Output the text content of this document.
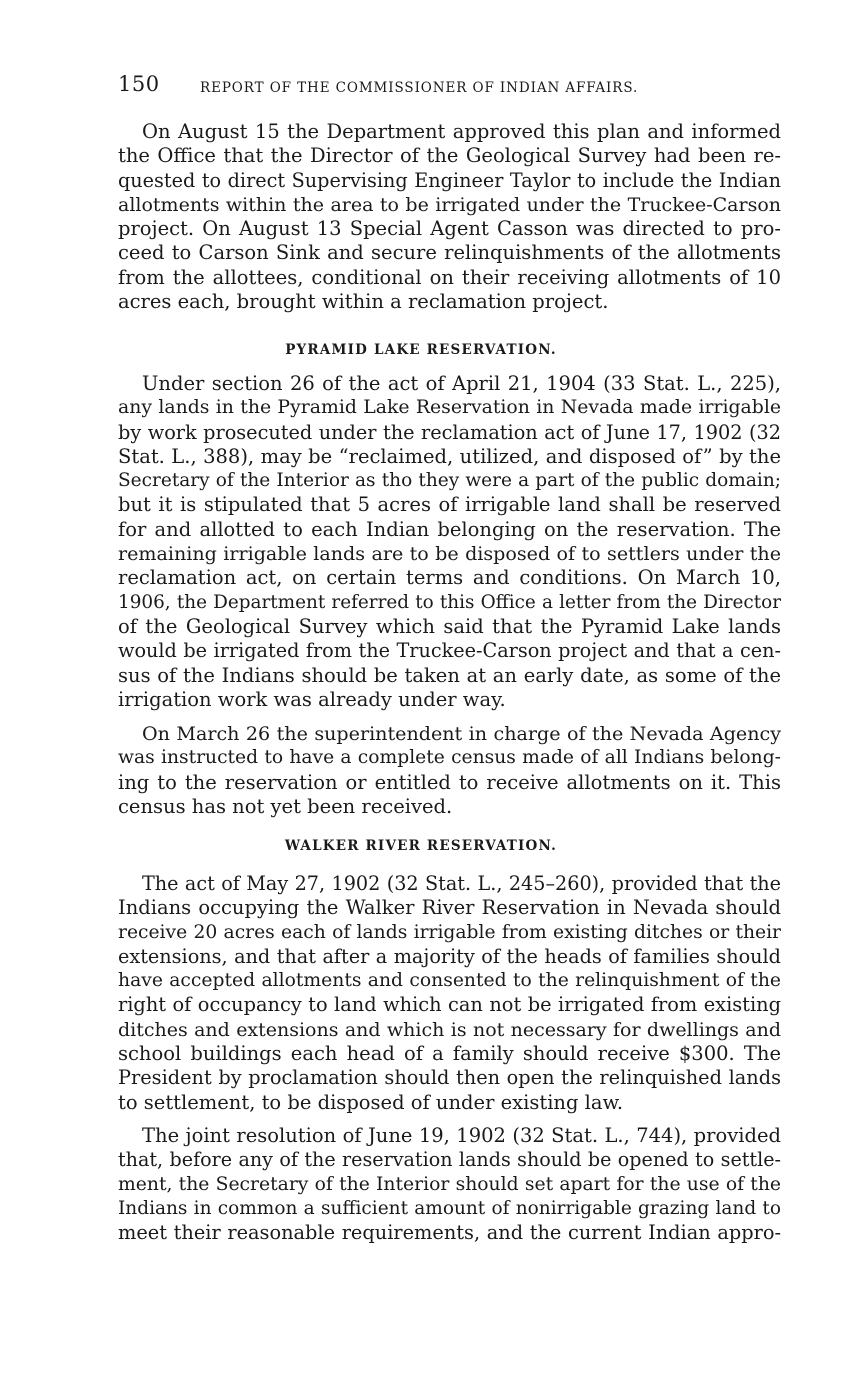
150	REPORT OF THE COMMISSIONER OF INDIAN AFFAIRS.
On August 15 the Department approved this plan and informed
the Office that the Director of the Geological Survey had been re-
quested to direct Supervising Engineer Taylor to include the Indian
allotments within the area to be irrigated under the Truckee-Carson
project. On August 13 Special Agent Casson was directed to pro-
ceed to Carson Sink and secure relinquishments of the allotments
from the allottees, conditional on their receiving allotments of 10
acres each, brought within a reclamation project.
PYRAMID LAKE RESERVATION.
Under section 26 of the act of April 21, 1904 (33 Stat. L., 225),
any lands in the Pyramid Lake Reservation in Nevada made irrigable
by work prosecuted under the reclamation act of June 17, 1902 (32
Stat. L., 388), may be “reclaimed, utilized, and disposed of” by the
Secretary of the Interior as tho they were a part of the public domain;
but it is stipulated that 5 acres of irrigable land shall be reserved
for and allotted to each Indian belonging on the reservation. The
remaining irrigable lands are to be disposed of to settlers under the
reclamation act, on certain terms and conditions. On March 10,
1906, the Department referred to this Office a letter from the Director
of the Geological Survey which said that the Pyramid Lake lands
would be irrigated from the Truckee-Carson project and that a cen-
sus of the Indians should be taken at an early date, as some of the
irrigation work was already under way.
On March 26 the superintendent in charge of the Nevada Agency
was instructed to have a complete census made of all Indians belong-
ing to the reservation or entitled to receive allotments on it. This
census has not yet been received.
WALKER RIVER RESERVATION.
The act of May 27, 1902 (32 Stat. L., 245–260), provided that the
Indians occupying the Walker River Reservation in Nevada should
receive 20 acres each of lands irrigable from existing ditches or their
extensions, and that after a majority of the heads of families should
have accepted allotments and consented to the relinquishment of the
right of occupancy to land which can not be irrigated from existing
ditches and extensions and which is not necessary for dwellings and
school buildings each head of a family should receive $300. The
President by proclamation should then open the relinquished lands
to settlement, to be disposed of under existing law.
The joint resolution of June 19, 1902 (32 Stat. L., 744), provided
that, before any of the reservation lands should be opened to settle-
ment, the Secretary of the Interior should set apart for the use of the
Indians in common a sufficient amount of nonirrigable grazing land to
meet their reasonable requirements, and the current Indian appro-
